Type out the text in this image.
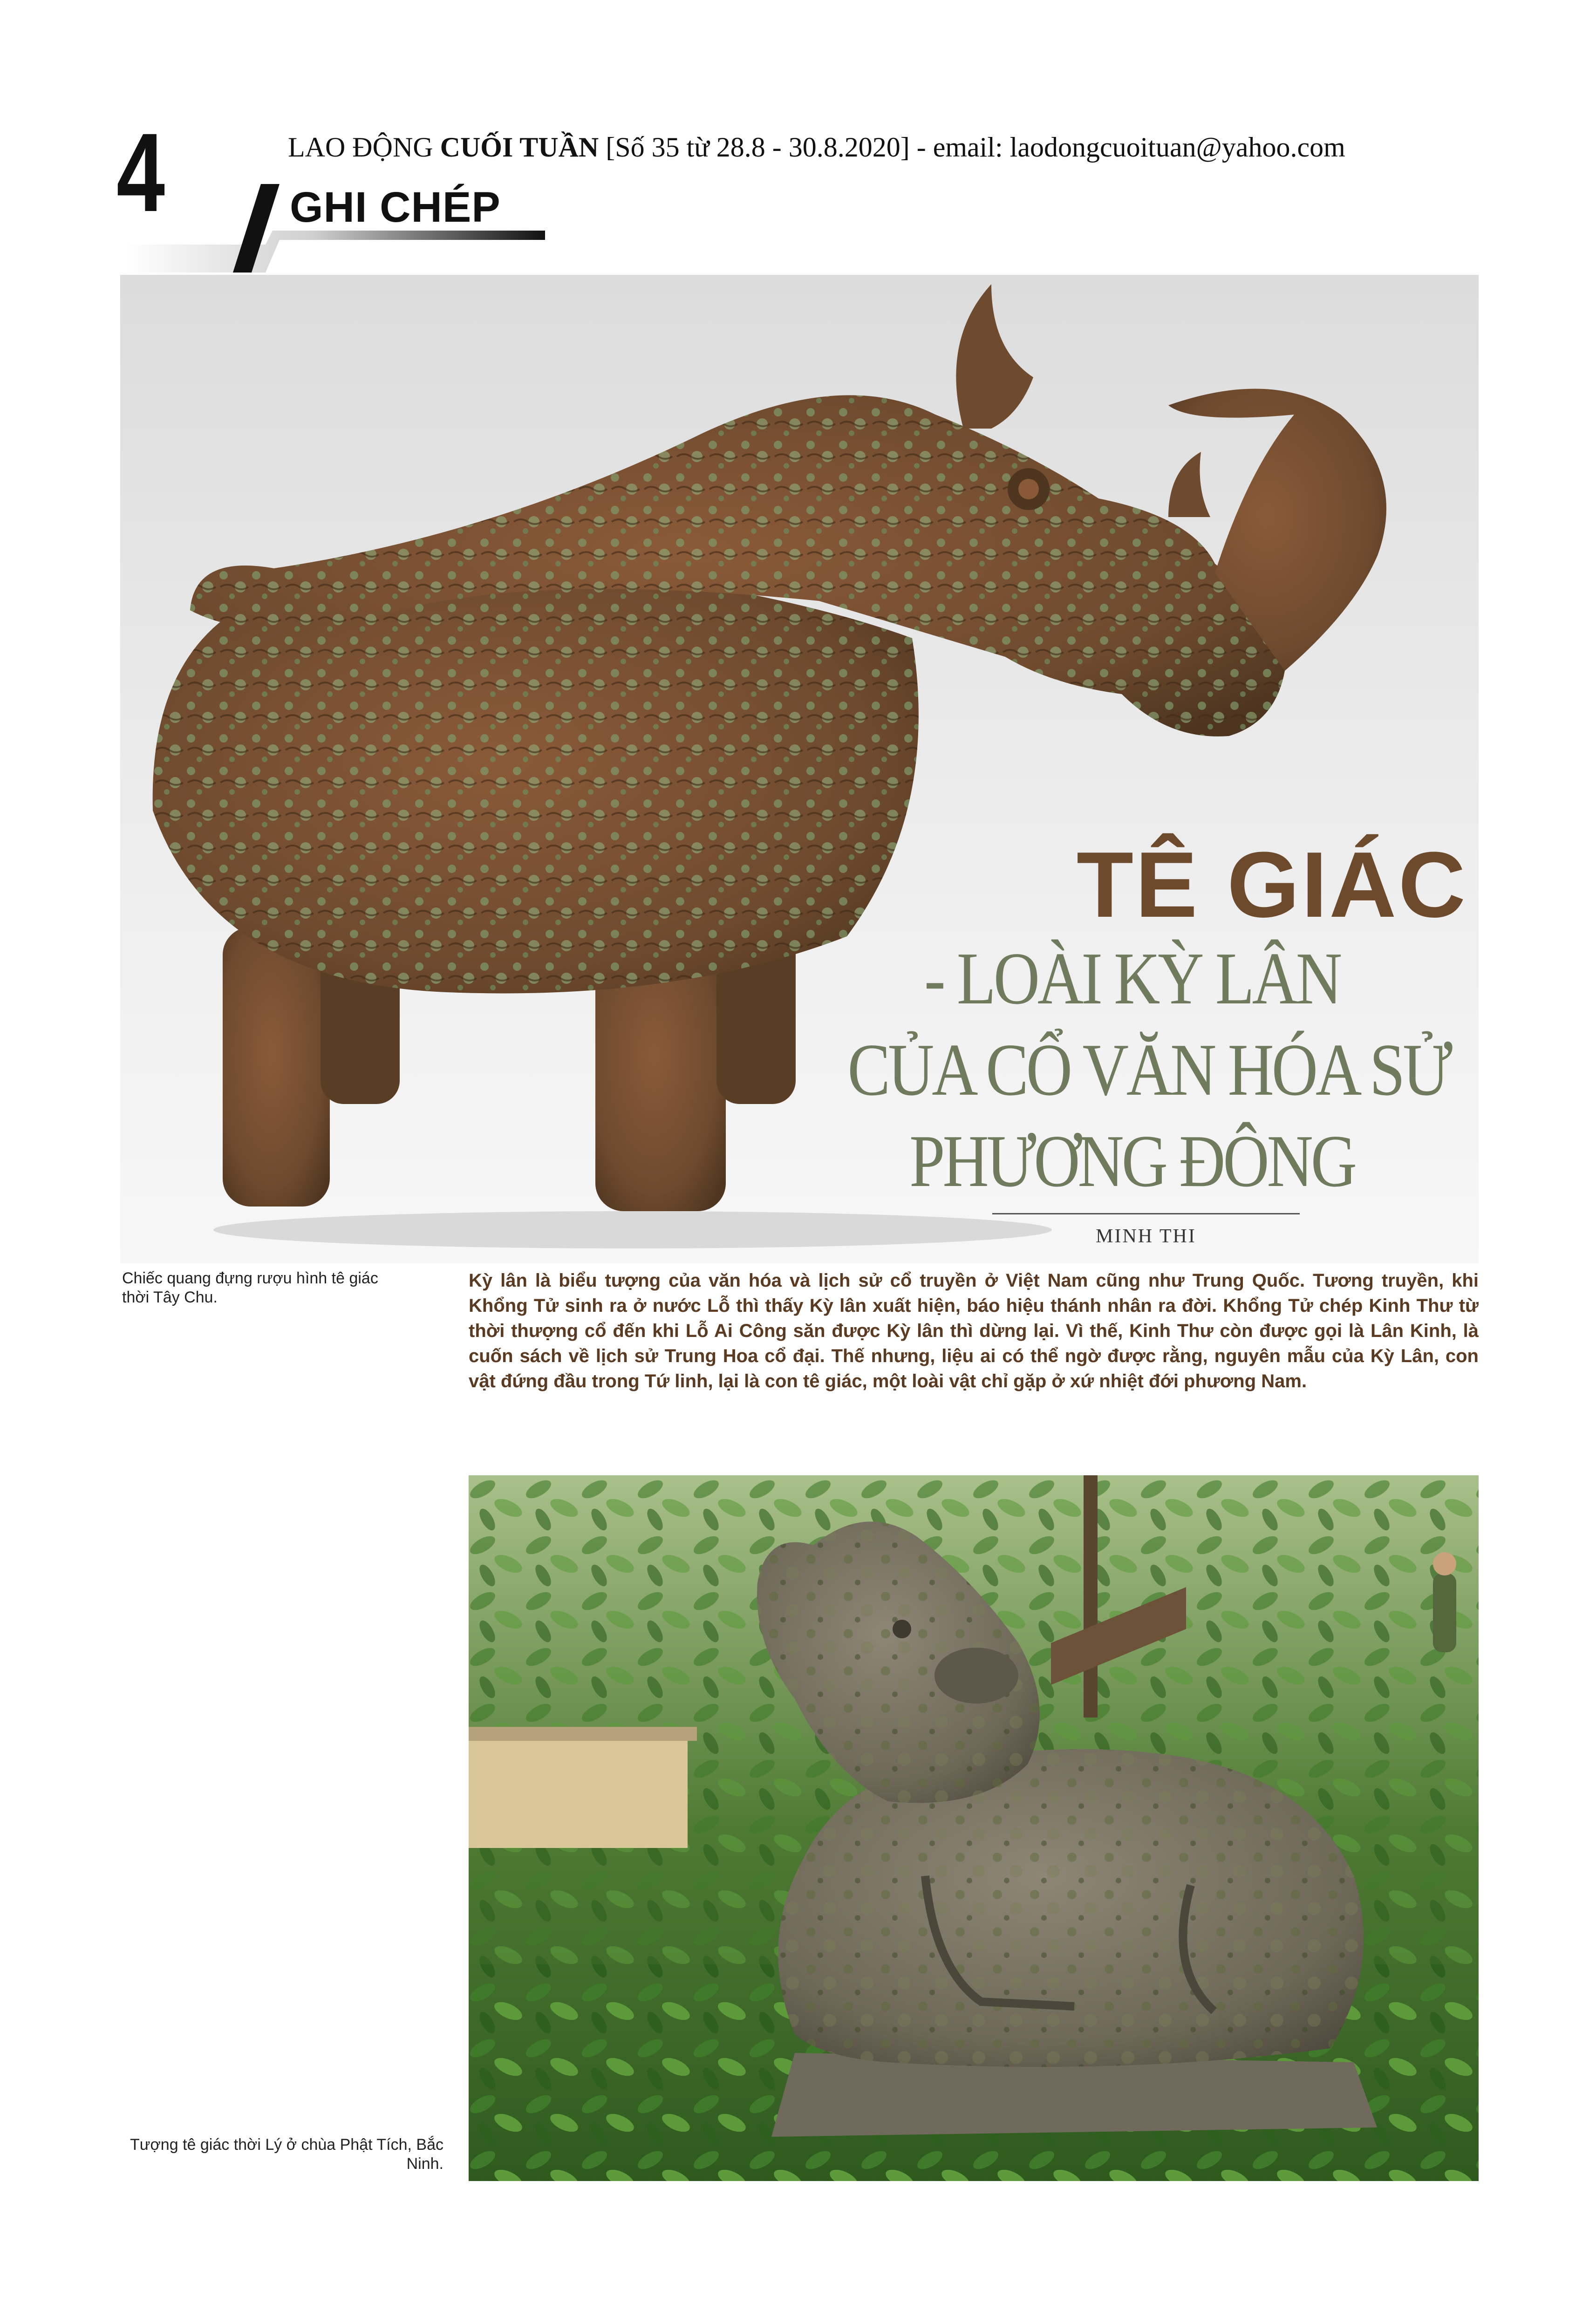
4	LAO ĐỘNG CUỐI TUẦN [Số 35 từ 28.8 - 30.8.2020] - email: laodongcuoituan@yahoo.com
GHI CHÉP
TÊ GIÁC
- LOÀI KỲ LÂN
CỦA CỔ VĂN HÓA SỬ
PHƯƠNG ĐÔNG
MINH THI
Chiếc quang đựng rượu hình tê giác thời Tây Chu.
Kỳ lân là biểu tượng của văn hóa và lịch sử cổ truyền ở Việt Nam cũng như Trung Quốc. Tương truyền, khi Khổng Tử sinh ra ở nước Lỗ thì thấy Kỳ lân xuất hiện, báo hiệu thánh nhân ra đời. Khổng Tử chép Kinh Thư từ thời thượng cổ đến khi Lỗ Ai Công săn được Kỳ lân thì dừng lại. Vì thế, Kinh Thư còn được gọi là Lân Kinh, là cuốn sách về lịch sử Trung Hoa cổ đại. Thế nhưng, liệu ai có thể ngờ được rằng, nguyên mẫu của Kỳ Lân, con vật đứng đầu trong Tứ linh, lại là con tê giác, một loài vật chỉ gặp ở xứ nhiệt đới phương Nam.
Tượng tê giác thời Lý ở chùa Phật Tích, Bắc Ninh.
